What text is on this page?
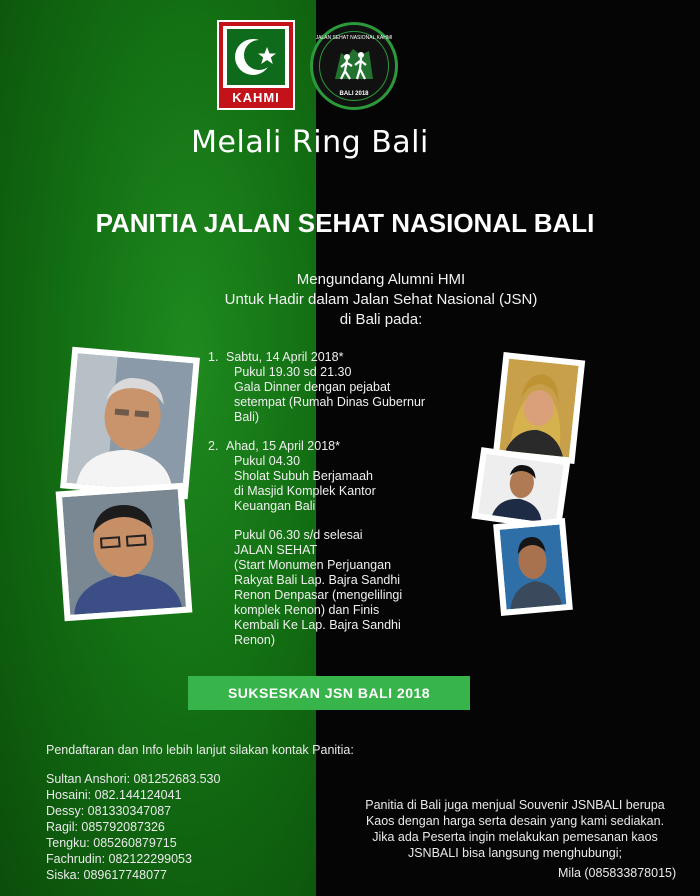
KAHMI
JALAN SEHAT NASIONAL KAHMI
BALI 2018
Melali Ring Bali
PANITIA JALAN SEHAT NASIONAL BALI
Mengundang Alumni HMI
Untuk Hadir dalam Jalan Sehat Nasional (JSN)
di Bali pada:
1. Sabtu, 14 April 2018*
Pukul 19.30 sd 21.30
Gala Dinner dengan pejabat
setempat (Rumah Dinas Gubernur
Bali)
2. Ahad, 15 April 2018*
Pukul 04.30
Sholat Subuh Berjamaah
di Masjid Komplek Kantor
Keuangan Bali
Pukul 06.30 s/d selesai
JALAN SEHAT
(Start Monumen Perjuangan
Rakyat Bali Lap. Bajra Sandhi
Renon Denpasar (mengelilingi
komplek Renon) dan Finis
Kembali Ke Lap. Bajra Sandhi
Renon)
SUKSESKAN JSN BALI 2018
Pendaftaran dan Info lebih lanjut silakan kontak Panitia:
Sultan Anshori: 081252683.530
Hosaini: 082.144124041
Dessy: 081330347087
Ragil: 085792087326
Tengku: 085260879715
Fachrudin: 082122299053
Siska: 089617748077
Panitia di Bali juga menjual Souvenir JSNBALI berupa
Kaos dengan harga serta desain yang kami sediakan.
Jika ada Peserta ingin melakukan pemesanan kaos
JSNBALI bisa langsung menghubungi;
Mila (085833878015)
